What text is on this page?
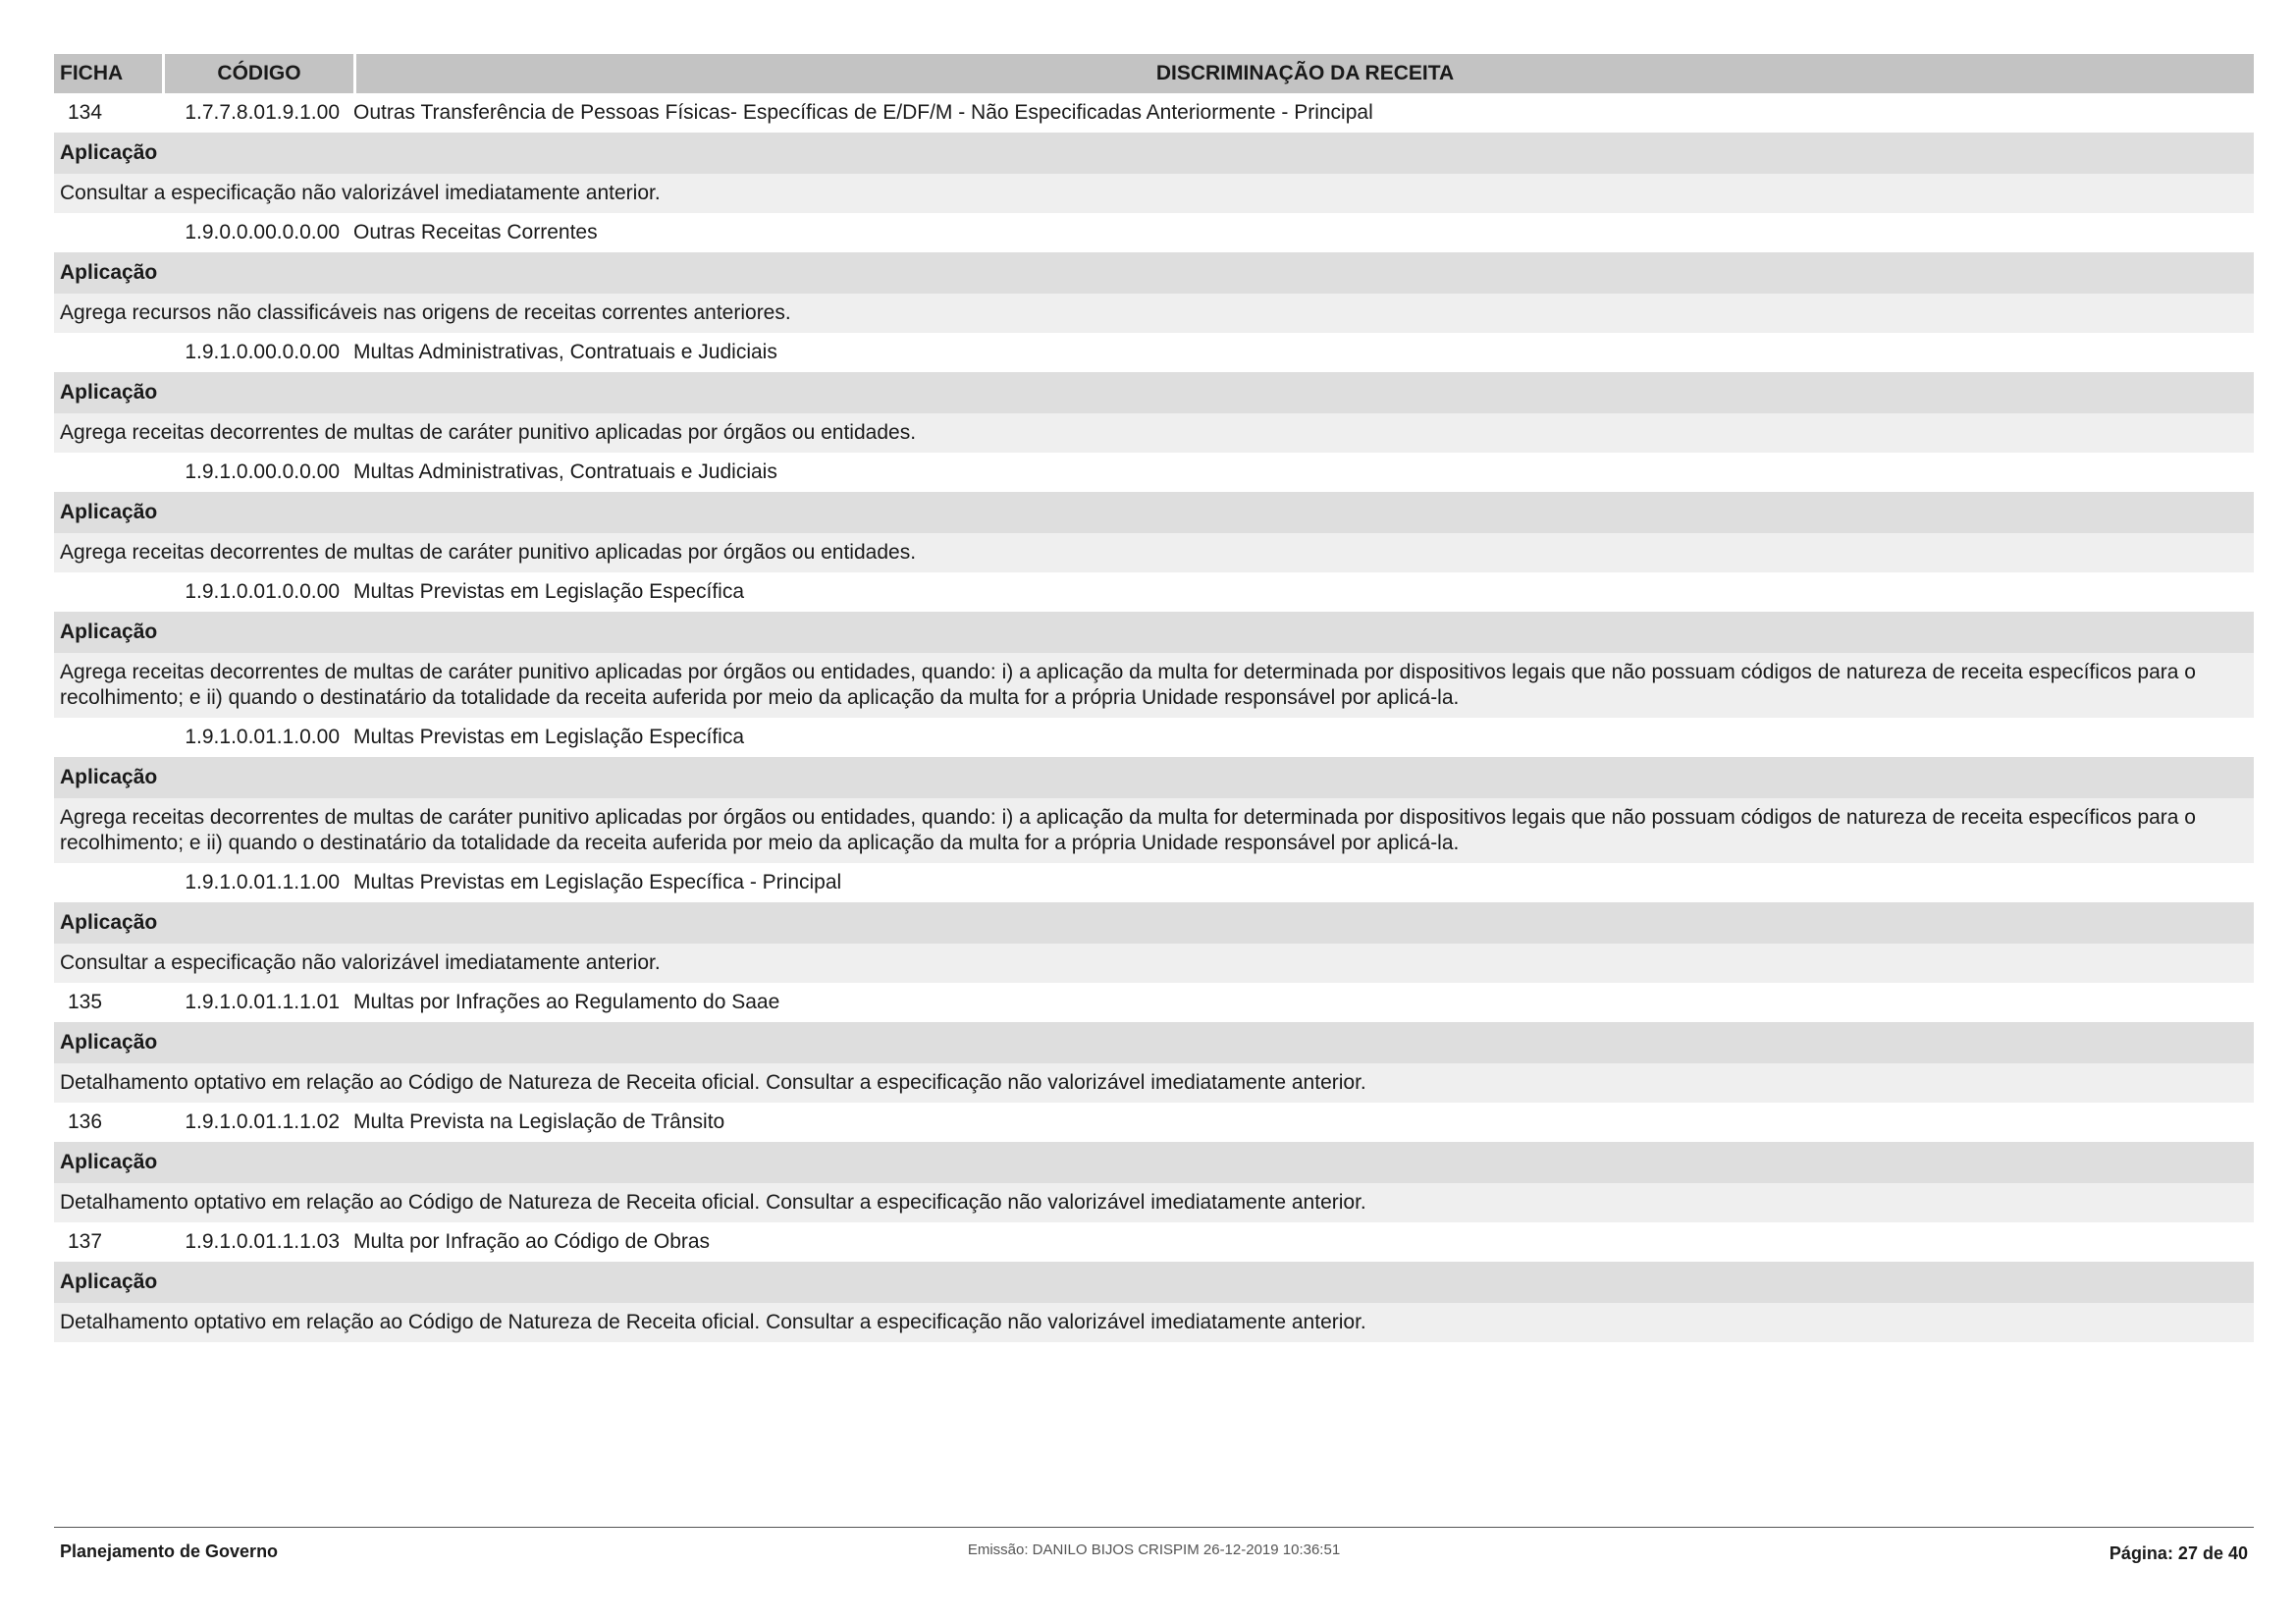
FICHA	CÓDIGO	DISCRIMINAÇÃO DA RECEITA
134	1.7.7.8.01.9.1.00 Outras Transferência de Pessoas Físicas- Específicas de E/DF/M - Não Especificadas Anteriormente - Principal
Aplicação
Consultar a especificação não valorizável imediatamente anterior.
1.9.0.0.00.0.0.00 Outras Receitas Correntes
Aplicação
Agrega recursos não classificáveis nas origens de receitas correntes anteriores.
1.9.1.0.00.0.0.00 Multas Administrativas, Contratuais e Judiciais
Aplicação
Agrega receitas decorrentes de multas de caráter punitivo aplicadas por órgãos ou entidades.
1.9.1.0.00.0.0.00 Multas Administrativas, Contratuais e Judiciais
Aplicação
Agrega receitas decorrentes de multas de caráter punitivo aplicadas por órgãos ou entidades.
1.9.1.0.01.0.0.00 Multas Previstas em Legislação Específica
Aplicação
Agrega receitas decorrentes de multas de caráter punitivo aplicadas por órgãos ou entidades, quando: i) a aplicação da multa for determinada por dispositivos legais que não possuam códigos de natureza de receita específicos para o recolhimento; e ii) quando o destinatário da totalidade da receita auferida por meio da aplicação da multa for a própria Unidade responsável por aplicá-la.
1.9.1.0.01.1.0.00 Multas Previstas em Legislação Específica
Aplicação
Agrega receitas decorrentes de multas de caráter punitivo aplicadas por órgãos ou entidades, quando: i) a aplicação da multa for determinada por dispositivos legais que não possuam códigos de natureza de receita específicos para o recolhimento; e ii) quando o destinatário da totalidade da receita auferida por meio da aplicação da multa for a própria Unidade responsável por aplicá-la.
1.9.1.0.01.1.1.00 Multas Previstas em Legislação Específica - Principal
Aplicação
Consultar a especificação não valorizável imediatamente anterior.
135	1.9.1.0.01.1.1.01 Multas por Infrações ao Regulamento do Saae
Aplicação
Detalhamento optativo em relação ao Código de Natureza de Receita oficial. Consultar a especificação não valorizável imediatamente anterior.
136	1.9.1.0.01.1.1.02 Multa Prevista na Legislação de Trânsito
Aplicação
Detalhamento optativo em relação ao Código de Natureza de Receita oficial. Consultar a especificação não valorizável imediatamente anterior.
137	1.9.1.0.01.1.1.03 Multa por Infração ao Código de Obras
Aplicação
Detalhamento optativo em relação ao Código de Natureza de Receita oficial. Consultar a especificação não valorizável imediatamente anterior.
Planejamento de Governo	Emissão: DANILO BIJOS CRISPIM 26-12-2019 10:36:51	Página: 27 de 40
